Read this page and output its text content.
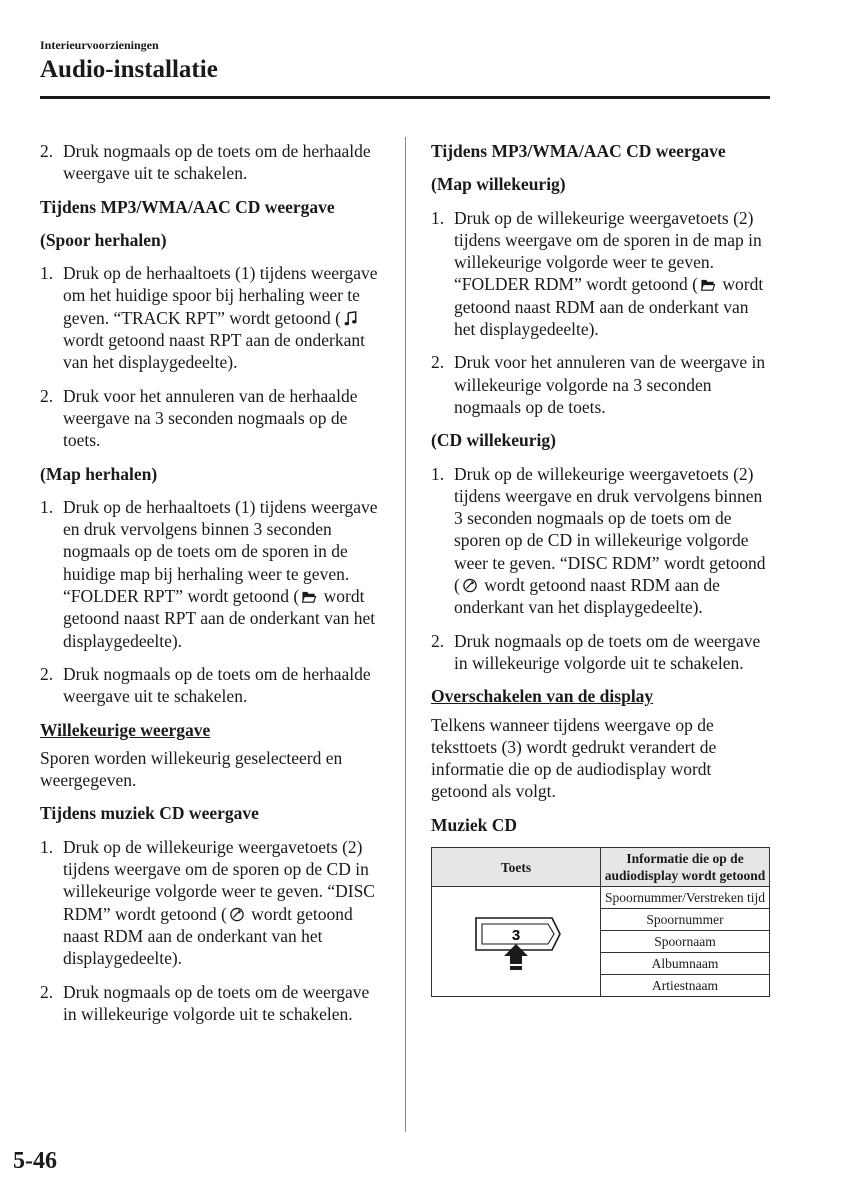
Interieurvoorzieningen
Audio-installatie
2. Druk nogmaals op de toets om de herhaalde weergave uit te schakelen.
Tijdens MP3/WMA/AAC CD weergave
(Spoor herhalen)
1. Druk op de herhaaltoets (1) tijdens weergave om het huidige spoor bij herhaling weer te geven. “TRACK RPT” wordt getoond ( wordt getoond naast RPT aan de onderkant van het displaygedeelte).
2. Druk voor het annuleren van de herhaalde weergave na 3 seconden nogmaals op de toets.
(Map herhalen)
1. Druk op de herhaaltoets (1) tijdens weergave en druk vervolgens binnen 3 seconden nogmaals op de toets om de sporen in de huidige map bij herhaling weer te geven. “FOLDER RPT” wordt getoond ( wordt getoond naast RPT aan de onderkant van het displaygedeelte).
2. Druk nogmaals op de toets om de herhaalde weergave uit te schakelen.
Willekeurige weergave
Sporen worden willekeurig geselecteerd en weergegeven.
Tijdens muziek CD weergave
1. Druk op de willekeurige weergavetoets (2) tijdens weergave om de sporen op de CD in willekeurige volgorde weer te geven. “DISC RDM” wordt getoond ( wordt getoond naast RDM aan de onderkant van het displaygedeelte).
2. Druk nogmaals op de toets om de weergave in willekeurige volgorde uit te schakelen.
Tijdens MP3/WMA/AAC CD weergave
(Map willekeurig)
1. Druk op de willekeurige weergavetoets (2) tijdens weergave om de sporen in de map in willekeurige volgorde weer te geven. “FOLDER RDM” wordt getoond ( wordt getoond naast RDM aan de onderkant van het displaygedeelte).
2. Druk voor het annuleren van de weergave in willekeurige volgorde na 3 seconden nogmaals op de toets.
(CD willekeurig)
1. Druk op de willekeurige weergavetoets (2) tijdens weergave en druk vervolgens binnen 3 seconden nogmaals op de toets om de sporen op de CD in willekeurige volgorde weer te geven. “DISC RDM” wordt getoond ( wordt getoond naast RDM aan de onderkant van het displaygedeelte).
2. Druk nogmaals op de toets om de weergave in willekeurige volgorde uit te schakelen.
Overschakelen van de display
Telkens wanneer tijdens weergave op de teksttoets (3) wordt gedrukt verandert de informatie die op de audiodisplay wordt getoond als volgt.
Muziek CD
Toets	Informatie die op de audiodisplay wordt getoond

3	Spoornummer/Verstreken tijd
	Spoornummer
	Spoornaam
	Albumnaam
	Artiestnaam
5-46
